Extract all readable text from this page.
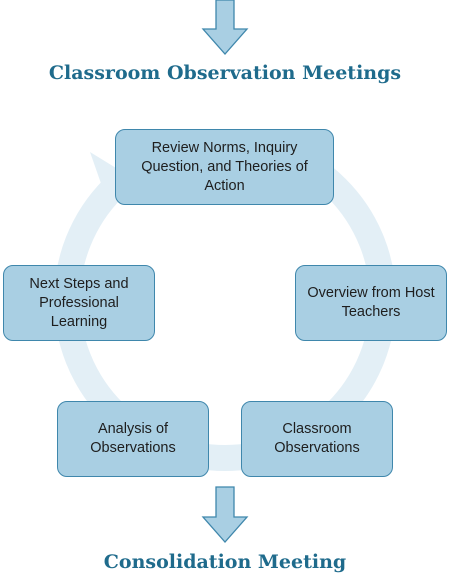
Classroom Observation Meetings
Review Norms, Inquiry Question, and Theories of Action
Next Steps and Professional Learning
Overview from Host Teachers
Analysis of Observations
Classroom Observations
Consolidation Meeting
